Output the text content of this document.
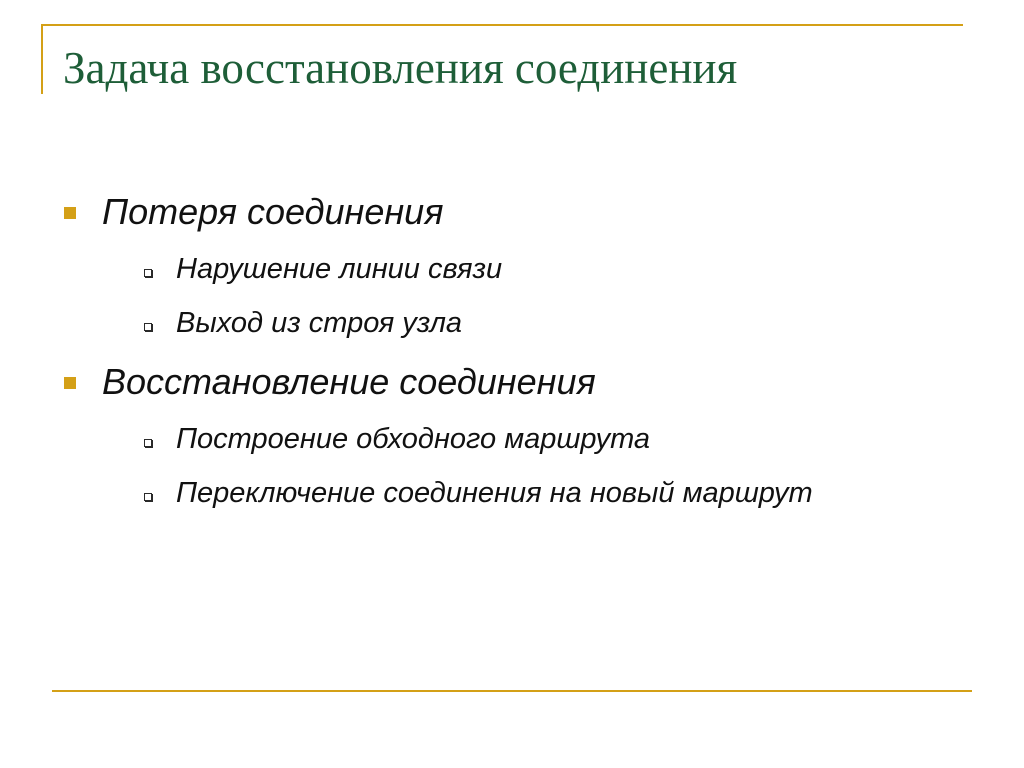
Задача восстановления соединения
Потеря соединения
Нарушение линии связи
Выход из строя узла
Восстановление соединения
Построение обходного маршрута
Переключение соединения на новый маршрут
